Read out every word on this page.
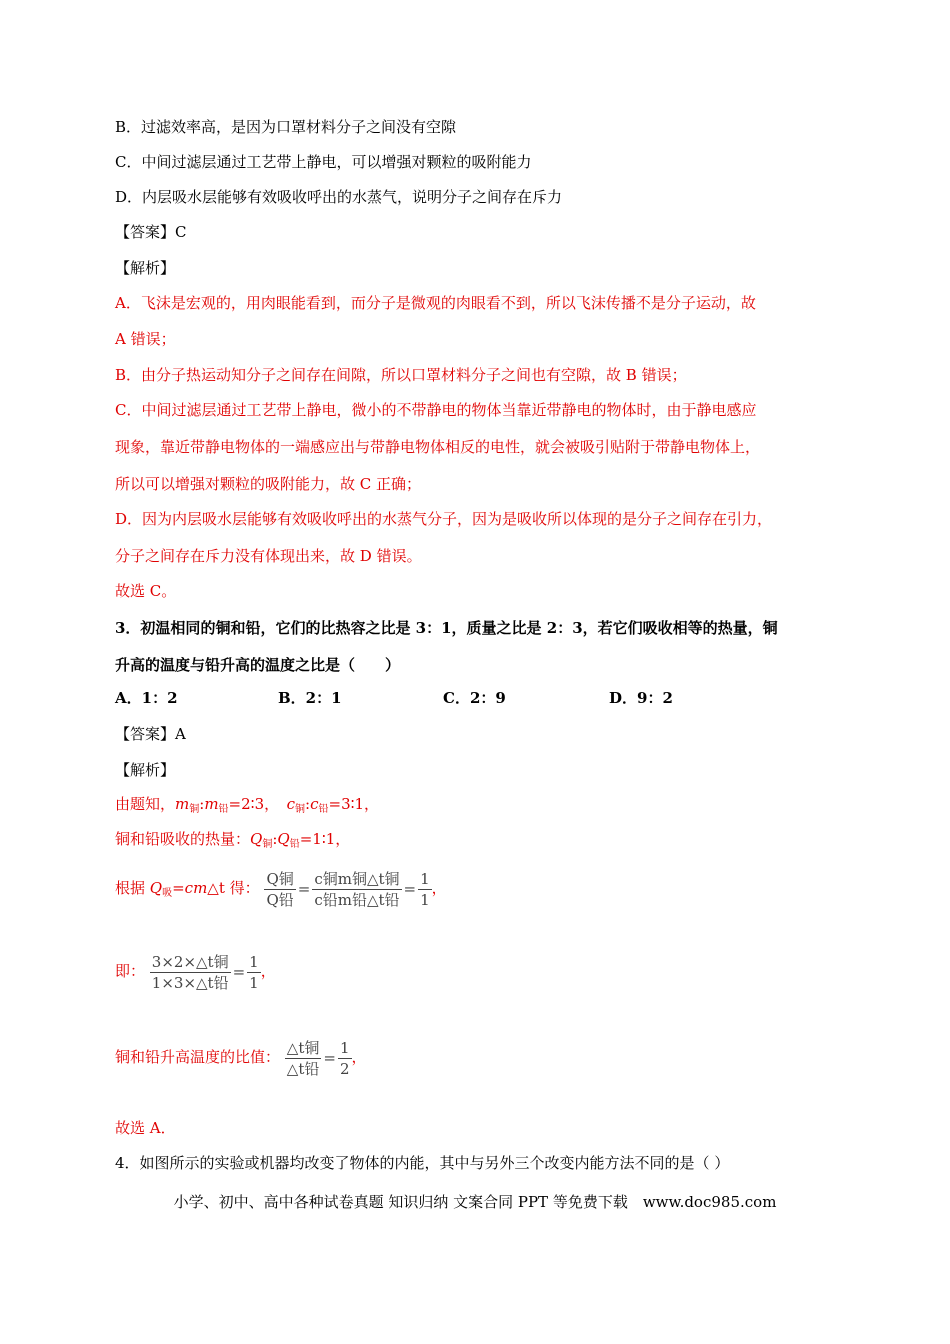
B．过滤效率高，是因为口罩材料分子之间没有空隙
C．中间过滤层通过工艺带上静电，可以增强对颗粒的吸附能力
D．内层吸水层能够有效吸收呼出的水蒸气，说明分子之间存在斥力
【答案】C
【解析】
A．飞沫是宏观的，用肉眼能看到，而分子是微观的肉眼看不到，所以飞沫传播不是分子运动，故
A 错误；
B．由分子热运动知分子之间存在间隙，所以口罩材料分子之间也有空隙，故 B 错误；
C．中间过滤层通过工艺带上静电，微小的不带静电的物体当靠近带静电的物体时，由于静电感应
现象，靠近带静电物体的一端感应出与带静电物体相反的电性，就会被吸引贴附于带静电物体上，
所以可以增强对颗粒的吸附能力，故 C 正确；
D．因为内层吸水层能够有效吸收呼出的水蒸气分子，因为是吸收所以体现的是分子之间存在引力，
分子之间存在斥力没有体现出来，故 D 错误。
故选 C。
3．初温相同的铜和铅，它们的比热容之比是 3：1，质量之比是 2：3，若它们吸收相等的热量，铜
升高的温度与铅升高的温度之比是（　　）
A．1：2	B．2：1	C．2：9	D．9：2
【答案】A
【解析】
由题知，$m_铜:m_铅=2∶3$，　 $c_铜:c_铅=3∶1$，
铜和铅吸收的热量：$Q_铜:Q_铅=1∶1$，
根据 $Q_吸=cm\triangle t$ 得： $\frac{\text{Q铜}}{\text{Q铅}} = \frac{\text{c铜m铜△t铜}}{\text{c铅m铅△t铅}} = \frac{1}{1}$ ，
即： $\frac{\text{3×2×△t铜}}{\text{1×3×△t铅}} = \frac{1}{1}$ ，
铜和铅升高温度的比值： $\frac{\text{△t铜}}{\text{△t铅}} = \frac{1}{2}$ ，
故选 A．
4．如图所示的实验或机器均改变了物体的内能，其中与另外三个改变内能方法不同的是（ ）
小学、初中、高中各种试卷真题 知识归纳 文案合同 PPT 等免费下载　www.doc985.com
